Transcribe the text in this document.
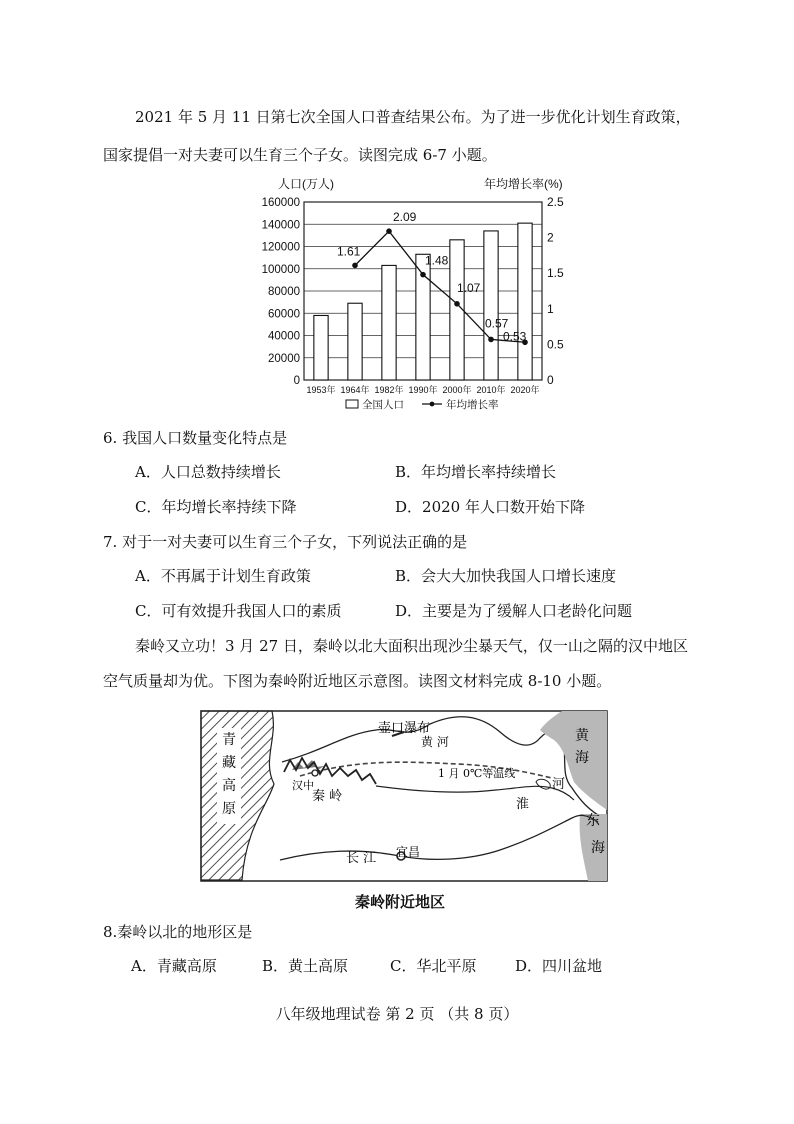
2021 年 5 月 11 日第七次全国人口普查结果公布。为了进一步优化计划生育政策，
国家提倡一对夫妻可以生育三个子女。读图完成 6-7 小题。
人口(万人)	年均增长率(%)
1.61
2.09
1.48
1.07
0.57
0.53
0
20000
40000
60000
80000
100000
120000
140000
160000
0
0.5
1
1.5
2
2.5
1953年 1964年 1982年 1990年 2000年 2010年 2020年
全国人口	年均增长率
6. 我国人口数量变化特点是
A．人口总数持续增长	B．年均增长率持续增长
C．年均增长率持续下降	D．2020 年人口数开始下降
7. 对于一对夫妻可以生育三个子女，下列说法正确的是
A．不再属于计划生育政策	B．会大大加快我国人口增长速度
C．可有效提升我国人口的素质	D．主要是为了缓解人口老龄化问题
秦岭又立功！3 月 27 日，秦岭以北大面积出现沙尘暴天气，仅一山之隔的汉中地区
空气质量却为优。下图为秦岭附近地区示意图。读图文材料完成 8-10 小题。
青
藏
高
原
壶口瀑布
黄 河	黄
海
东
海
1 月 0℃等温线
汉中
秦 岭
淮
河
长 江 宜昌
秦岭附近地区
8.秦岭以北的地形区是
A．青藏高原	B．黄土高原	C．华北平原	D．四川盆地
八年级地理试卷 第 2 页 （共 8 页）
